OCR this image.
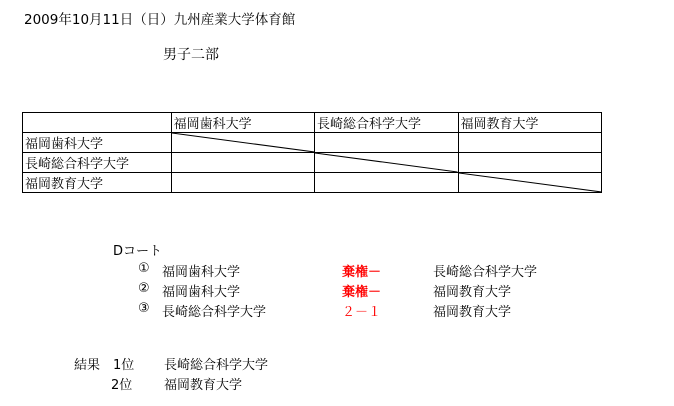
2009年10月11日（日）九州産業大学体育館
男子二部
	福岡歯科大学	長崎総合科学大学	福岡教育大学
福岡歯科大学	

長崎総合科学大学		

福岡教育大学			
Dコート
① 福岡歯科大学	棄権－	長崎総合科学大学
② 福岡歯科大学	棄権－	福岡教育大学
③ 長崎総合科学大学	２－１	福岡教育大学
結果　1位 長崎総合科学大学
2位	福岡教育大学
